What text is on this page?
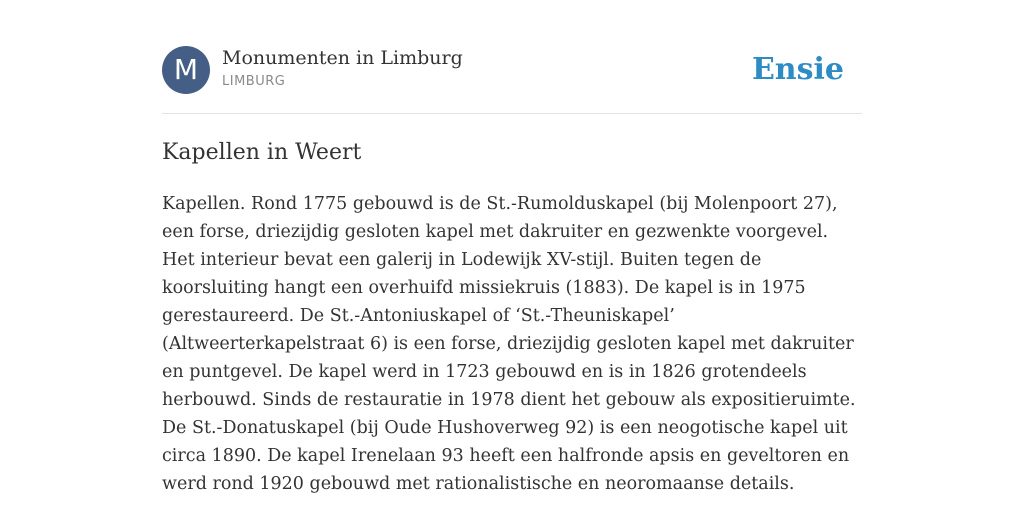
M	Monumenten in Limburg
LIMBURG	Ensie
Kapellen in Weert

Kapellen. Rond 1775 gebouwd is de St.-Rumolduskapel (bij Molenpoort 27), een forse, driezijdig gesloten kapel met dakruiter en gezwenkte voorgevel. Het interieur bevat een galerij in Lodewijk XV-stijl. Buiten tegen de koorsluiting hangt een overhuifd missiekruis (1883). De kapel is in 1975 gerestaureerd. De St.-Antoniuskapel of ‘St.-Theuniskapel’ (Altweerterkapelstraat 6) is een forse, driezijdig gesloten kapel met dakruiter en puntgevel. De kapel werd in 1723 gebouwd en is in 1826 grotendeels herbouwd. Sinds de restauratie in 1978 dient het gebouw als expositieruimte. De St.-Donatuskapel (bij Oude Hushoverweg 92) is een neogotische kapel uit circa 1890. De kapel Irenelaan 93 heeft een halfronde apsis en geveltoren en werd rond 1920 gebouwd met rationalistische en neoromaanse details.
